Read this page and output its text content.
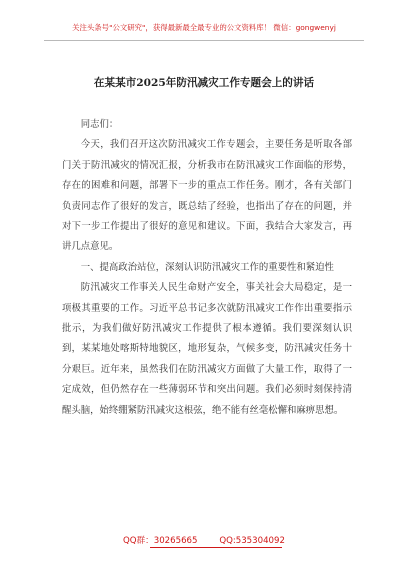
关注头条号"公文研究"，获得最新最全最专业的公文资料库！ 微信：gongwenyj
在某某市2025年防汛减灾工作专题会上的讲话

同志们：

今天，我们召开这次防汛减灾工作专题会，主要任务是听取各部门关于防汛减灾的情况汇报，分析我市在防汛减灾工作面临的形势，存在的困难和问题，部署下一步的重点工作任务。刚才，各有关部门负责同志作了很好的发言，既总结了经验，也指出了存在的问题，并对下一步工作提出了很好的意见和建议。下面，我结合大家发言，再讲几点意见。

一、提高政治站位，深刻认识防汛减灾工作的重要性和紧迫性

防汛减灾工作事关人民生命财产安全，事关社会大局稳定，是一项极其重要的工作。习近平总书记多次就防汛减灾工作作出重要指示批示，为我们做好防汛减灾工作提供了根本遵循。我们要深刻认识到，某某地处喀斯特地貌区，地形复杂，气候多变，防汛减灾任务十分艰巨。近年来，虽然我们在防汛减灾方面做了大量工作，取得了一定成效，但仍然存在一些薄弱环节和突出问题。我们必须时刻保持清醒头脑，始终绷紧防汛减灾这根弦，绝不能有丝毫松懈和麻痹思想。

QQ群：30265665        QQ:535304092
